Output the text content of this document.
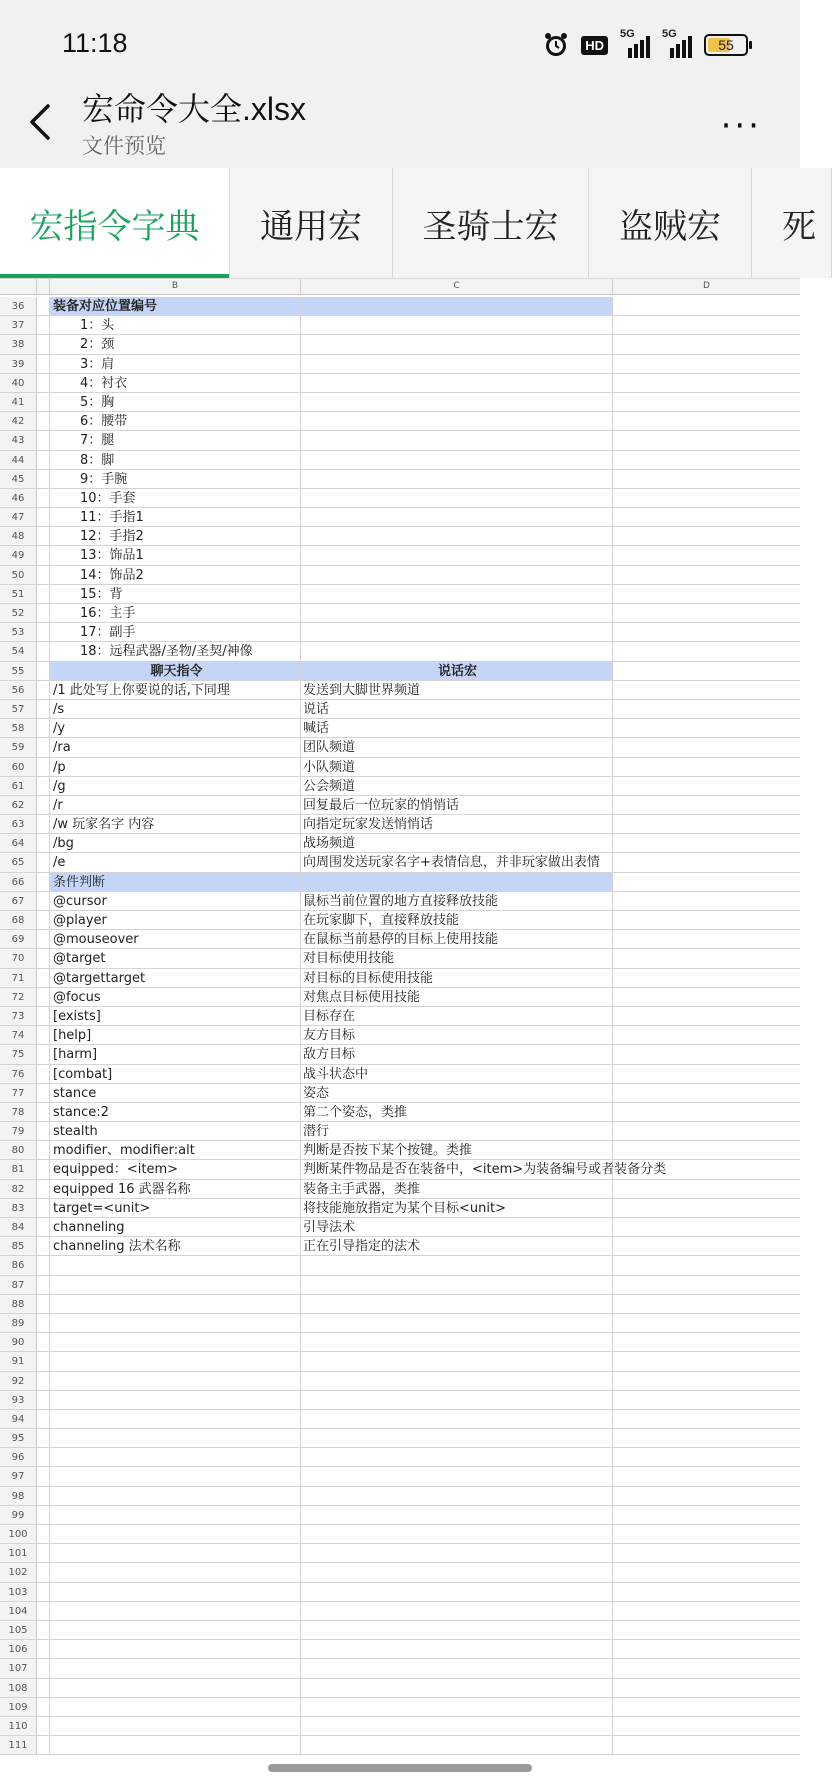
11:18	HD
5G 5G
55
宏命令大全.xlsx
文件预览	···
宏指令字典	通用宏	圣骑士宏	盗贼宏	死
B	C	D
36	装备对应位置编号
37	1：头
38	2：颈
39	3：肩
40	4：衬衣
41	5：胸
42	6：腰带
43	7：腿
44	8：脚
45	9：手腕
46	10：手套
47	11：手指1
48	12：手指2
49	13：饰品1
50	14：饰品2
51	15：背
52	16：主手
53	17：副手
54	18：远程武器/圣物/圣契/神像
55	聊天指令	说话宏
56	/1 此处写上你要说的话,下同理	发送到大脚世界频道
57	/s	说话
58	/y	喊话
59	/ra	团队频道
60	/p	小队频道
61	/g	公会频道
62	/r	回复最后一位玩家的悄悄话
63	/w 玩家名字 内容	向指定玩家发送悄悄话
64	/bg	战场频道
65	/e	向周围发送玩家名字+表情信息，并非玩家做出表情
66	条件判断
67	@cursor	鼠标当前位置的地方直接释放技能
68	@player	在玩家脚下，直接释放技能
69	@mouseover	在鼠标当前悬停的目标上使用技能
70	@target	对目标使用技能
71	@targettarget	对目标的目标使用技能
72	@focus	对焦点目标使用技能
73	[exists]	目标存在
74	[help]	友方目标
75	[harm]	敌方目标
76	[combat]	战斗状态中
77	stance	姿态
78	stance:2	第二个姿态，类推
79	stealth	潜行
80	modifier、modifier:alt	判断是否按下某个按键。类推
81	equipped：<item>	判断某件物品是否在装备中，<item>为装备编号或者装备分类
82	equipped 16 武器名称	装备主手武器，类推
83	target=<unit>	将技能施放指定为某个目标<unit>
84	channeling	引导法术
85	channeling 法术名称	正在引导指定的法术
86
87
88
89
90
91
92
93
94
95
96
97
98
99
100
101
102
103
104
105
106
107
108
109
110
111
